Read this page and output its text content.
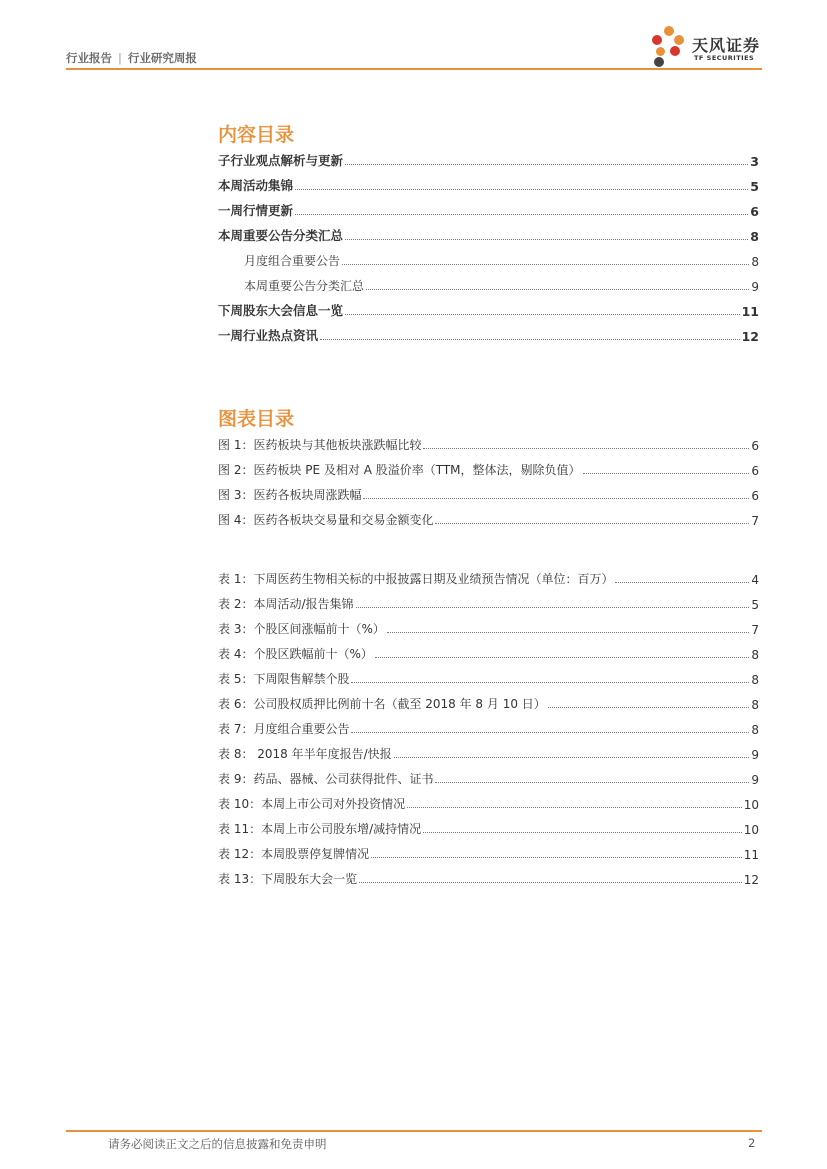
行业报告 | 行业研究周报
天风证券
TF SECURITIES
内容目录
子行业观点解析与更新	3
本周活动集锦	5
一周行情更新	6
本周重要公告分类汇总	8
月度组合重要公告	8
本周重要公告分类汇总	9
下周股东大会信息一览	11
一周行业热点资讯	12
图表目录
图 1：医药板块与其他板块涨跌幅比较	6
图 2：医药板块 PE 及相对 A 股溢价率（TTM，整体法，剔除负值）	6
图 3：医药各板块周涨跌幅	6
图 4：医药各板块交易量和交易金额变化	7
表 1：下周医药生物相关标的中报披露日期及业绩预告情况（单位：百万）	4
表 2：本周活动/报告集锦	5
表 3：个股区间涨幅前十（%）	7
表 4：个股区跌幅前十（%）	8
表 5：下周限售解禁个股	8
表 6：公司股权质押比例前十名（截至 2018 年 8 月 10 日）	8
表 7：月度组合重要公告	8
表 8： 2018 年半年度报告/快报	9
表 9：药品、器械、公司获得批件、证书	9
表 10：本周上市公司对外投资情况	10
表 11：本周上市公司股东增/减持情况	10
表 12：本周股票停复牌情况	11
表 13：下周股东大会一览	12
请务必阅读正文之后的信息披露和免责申明	2
